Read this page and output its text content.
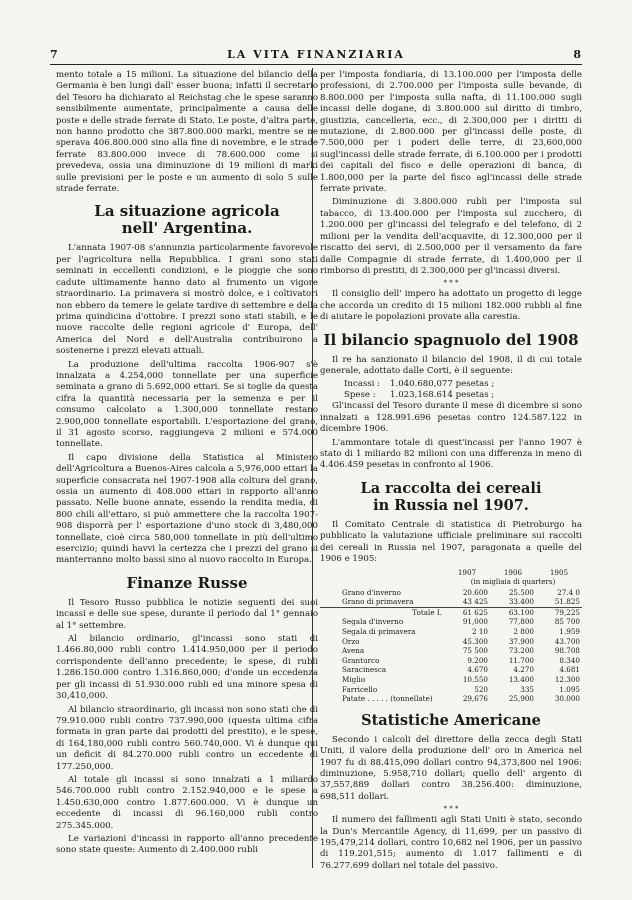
7	LA VITA FINANZIARIA	8

mento totale a 15 milioni. La situazione del bilancio della Germania è ben lungi dall' esser buona; infatti il secretario del Tesoro ha dichiarato al Reichstag che le spese saranno sensibilmente aumentate, principalmente a causa delle poste e delle strade ferrate di Stato. Le poste, d'altra parte, non hanno prodotto che 387.800.000 marki, mentre se ne sperava 406.800.000 sino alla fine di novembre, e le strade ferrate 83.800.000 invece di 78.600.000 come si prevedeva, ossia una diminuzione di 19 milioni di marki sulle previsioni per le poste e un aumento di solo 5 sulle strade ferrate.

La situazione agricola
nell' Argentina.

L'annata 1907-08 s'annunzia particolarmente favorevole per l'agricoltura nella Repubblica. I grani sono stati seminati in eccellenti condizioni, e le pioggie che sono cadute ultimamente hanno dato al frumento un vigore straordinario. La primavera si mostrò dolce, e i coltivatori non ebbero da temere le gelate tardive di settembre e della prima quindicina d'ottobre. I prezzi sono stati stabili, e le nuove raccolte delle regioni agricole d' Europa, dell' America del Nord e dell'Australia contribuirono a sostenerne i prezzi elevati attuali.

La produzione dell'ultima raccolta 1906-907 s'è innalzata a 4.254,000 tonnellate per una superficie seminata a grano di 5.692,000 ettari. Se si toglie da questa cifra la quantità necessaria per la semenza e per il consumo calcolato a 1.300,000 tonnellate restano 2.900,000 tonnellate esportabili. L'esportazione del grano, il 31 agosto scorso, raggiungeva 2 milioni e 574.000 tonnellate.

Il capo divisione della Statistica al Ministero dell'Agricoltura a Buenos-Aires calcola a 5,976,000 ettari la superficie consacrata nel 1907-1908 alla coltura del grano, ossia un aumento di 408.000 ettari in rapporto all'anno passato. Nelle buone annate, essendo la rendita media, di 800 chili all'ettaro, si può ammettere che la raccolta 1907-908 disporrà per l' esportazione d'uno stock di 3,480,000 tonnellate, cioè circa 580,000 tonnellate in più dell'ultimo esercizio; quindi havvi la certezza che i prezzi del grano si manterranno molto bassi sino al nuovo raccolto in Europa.

Finanze Russe

Il Tesoro Russo pubblica le notizie seguenti dei suoi incassi e delle sue spese, durante il periodo dal 1° gennaio al 1° settembre.

Al bilancio ordinario, gl'incassi sono stati di 1.466.80,000 rubli contro 1.414.950,000 per il periodo corrispondente dell'anno precedente; le spese, di rubli 1.286.150.000 contro 1.316.860,000; d'onde un eccedenza per gli incassi di 51.930.000 rubli ed una minore spesa di 30,410,000.

Al bilancio straordinario, gli incassi non sono stati che di 79.910.000 rubli contro 737.990,000 (questa ultima cifra formata in gran parte dai prodotti del prestito), e le spese, di 164,180,000 rubli contro 560.740,000. Vi è dunque qui un deficit di 84.270.000 rubli contro un eccedente di 177.250,000.

Al totale gli incassi si sono innalzati a 1 miliardo 546.700.000 rubli contro 2.152.940,000 e le spese a 1.450.630,000 contro 1.877.600.000. Vi è dunque un eccedente di incassi di 96.160,000 rubli contro 275.345.000.

Le variazioni d'incassi in rapporto all'anno precedente sono state queste: Aumento di 2.400.000 rubli

per l'imposta fondiaria, di 13.100.000 per l'imposta delle professioni, di 2.700.000 per l'imposta sulle bevande, di 8.800.000 per l'imposta sulla nafta, di 11.100.000 sugli incassi delle dogane, di 3.800.000 sul diritto di timbro, giustizia, cancelleria, ecc., di 2.300,000 per i diritti di mutazione, di 2.800.000 per gl'incassi delle poste, di 7.500,000 per i poderi delle terre, di 23,600,000 sugl'incassi delle strade ferrate, di 6.100.000 per i prodotti dei capitali del fisco e delle operazioni di banca, di 1.800,000 per la parte del fisco agl'incassi delle strade ferrate private.

Diminuzione di 3.800.000 rubli per l'imposta sul tabacco, di 13.400.000 per l'imposta sul zucchero, di 1.200.000 per gl'incassi del telegrafo e del telefono, di 2 milioni per la vendita dell'acquavite, di 12.300,000 per il riscatto dei servi, di 2.500,000 per il versamento da fare dalle Compagnie di strade ferrate, di 1.400,000 per il rimborso di prestiti, di 2.300,000 per gl'incassi diversi.

* * *

Il consiglio dell' impero ha adottato un progetto di legge che accorda un credito di 15 milioni 182.000 rubbli al fine di aiutare le popolazioni provate alla carestia.

Il bilancio spagnuolo del 1908

Il re ha sanzionato il bilancio del 1908, il di cui totale generale, adottato dalle Corti, è il seguente:

Incassi :	1.040.680,077 pesetas ;
Spese :	1.023,168.614 pesetas ;

Gl'incassi del Tesoro durante il mese di dicembre si sono innalzati a 128.991.696 pesetas contro 124.587.122 in dicembre 1906.

L'ammontare totale di quest'incassi per l'anno 1907 è stato di 1 miliardo 82 milioni con una differenza in meno di 4.406.459 pesetas in confronto al 1906.

La raccolta dei cereali
in Russia nel 1907.

Il Comitato Centrale di statistica di Pietroburgo ha pubblicato la valutazione ufficiale preliminare sui raccolti dei cereali in Russia nel 1907, paragonata a quelle del 1906 e 1905:

	1907	1906	1905
	(in migliaia di quarters)		
Grano d'inverno	20.600	25.500	27.4 0
Grano di primavera	43 425	33.400	51.825
Totale I.	61 625	63.100	79,225
Segala d'inverno	91,000	77,800	85 700
Segala di primavera	2 10	2 800	1.959
Orzo	45.300	37.900	43.700
Avena	75 500	73.200	98.708
Granturco	9.200	11.700	8.340
Saracinesca	4.670	4.270	4.681
Miglio	10.550	13.400	12.300
Farricello	520	335	1.095
Patate . . . . . (tonnellate)	29,676	25,900	30.000
Statistiche Americane

Secondo i calcoli del direttore della zecca degli Stati Uniti, il valore della produzione dell' oro in America nel 1907 fu di 88.415,090 dollari contro 94,373,800 nel 1906: diminuzione, 5.958,710 dollari; quello dell' argento di 37,557,889 dollari contro 38.256.400: diminuzione, 698,511 dollari.

* * *

Il numero dei fallimenti agli Stati Uniti è stato, secondo la Dun's Mercantile Agency, di 11,699, per un passivo di 195,479,214 dollari, contro 10,682 nel 1906, per un passivo di 119.201,515; aumento di 1.017 fallimenti e di 76.277.699 dollari nel totale del passivo.
